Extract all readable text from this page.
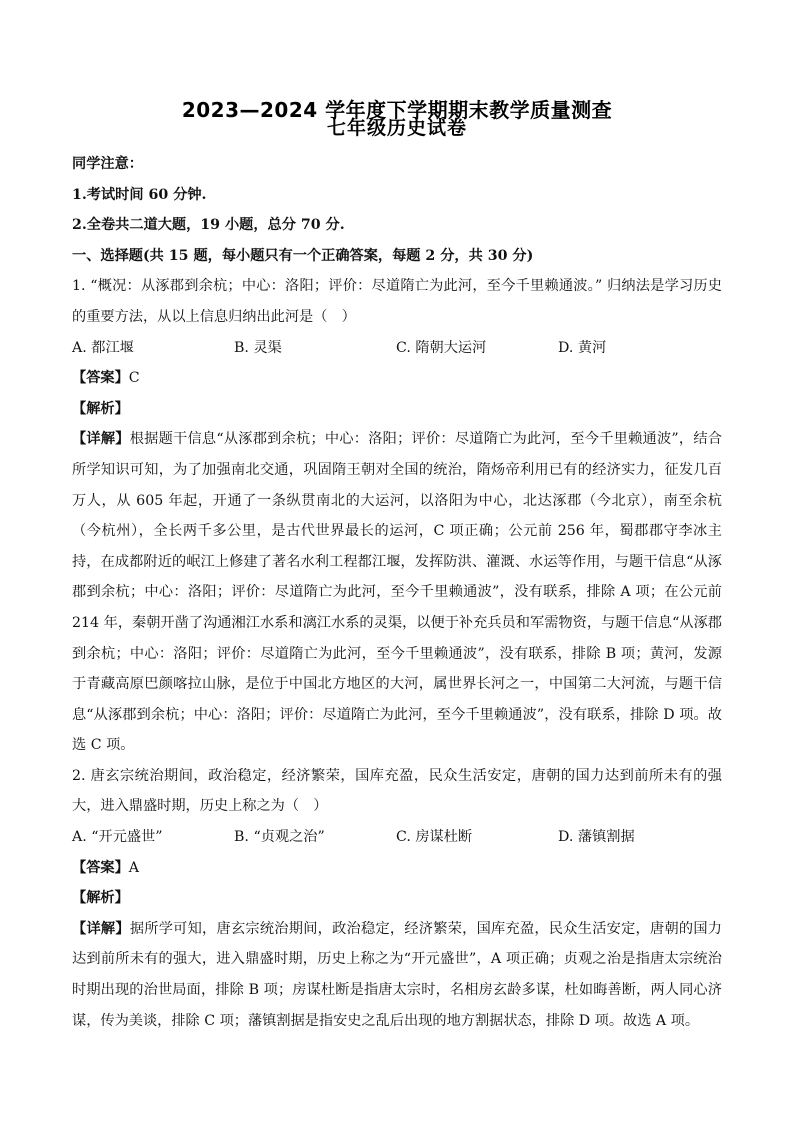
2023—2024 学年度下学期期末教学质量测查
七年级历史试卷

同学注意：

1.考试时间 60 分钟.

2.全卷共二道大题，19 小题，总分 70 分.

一、选择题(共 15 题，每小题只有一个正确答案，每题 2 分，共 30 分)

1. “概况：从涿郡到余杭；中心：洛阳；评价：尽道隋亡为此河，至今千里赖通波。” 归纳法是学习历史的重要方法，从以上信息归纳出此河是（　）

A. 都江堰	B. 灵渠	C. 隋朝大运河	D. 黄河

【答案】C

【解析】

【详解】根据题干信息“从涿郡到余杭；中心：洛阳；评价：尽道隋亡为此河，至今千里赖通波”，结合所学知识可知，为了加强南北交通，巩固隋王朝对全国的统治，隋炀帝利用已有的经济实力，征发几百万人，从 605 年起，开通了一条纵贯南北的大运河，以洛阳为中心，北达涿郡（今北京），南至余杭（今杭州），全长两千多公里，是古代世界最长的运河，C 项正确；公元前 256 年，蜀郡郡守李冰主持，在成都附近的岷江上修建了著名水利工程都江堰，发挥防洪、灌溉、水运等作用，与题干信息“从涿郡到余杭；中心：洛阳；评价：尽道隋亡为此河，至今千里赖通波”，没有联系，排除 A 项；在公元前 214 年，秦朝开凿了沟通湘江水系和漓江水系的灵渠，以便于补充兵员和军需物资，与题干信息“从涿郡到余杭；中心：洛阳；评价：尽道隋亡为此河，至今千里赖通波”，没有联系，排除 B 项；黄河，发源于青藏高原巴颜喀拉山脉，是位于中国北方地区的大河，属世界长河之一，中国第二大河流，与题干信息“从涿郡到余杭；中心：洛阳；评价：尽道隋亡为此河，至今千里赖通波”，没有联系，排除 D 项。故选 C 项。

2. 唐玄宗统治期间，政治稳定，经济繁荣，国库充盈，民众生活安定，唐朝的国力达到前所未有的强大，进入鼎盛时期，历史上称之为（　）

A. “开元盛世”	B. “贞观之治”	C. 房谋杜断	D. 藩镇割据

【答案】A

【解析】

【详解】据所学可知，唐玄宗统治期间，政治稳定，经济繁荣，国库充盈，民众生活安定，唐朝的国力达到前所未有的强大，进入鼎盛时期，历史上称之为“开元盛世”，A 项正确；贞观之治是指唐太宗统治时期出现的治世局面，排除 B 项；房谋杜断是指唐太宗时，名相房玄龄多谋，杜如晦善断，两人同心济谋，传为美谈，排除 C 项；藩镇割据是指安史之乱后出现的地方割据状态，排除 D 项。故选 A 项。
